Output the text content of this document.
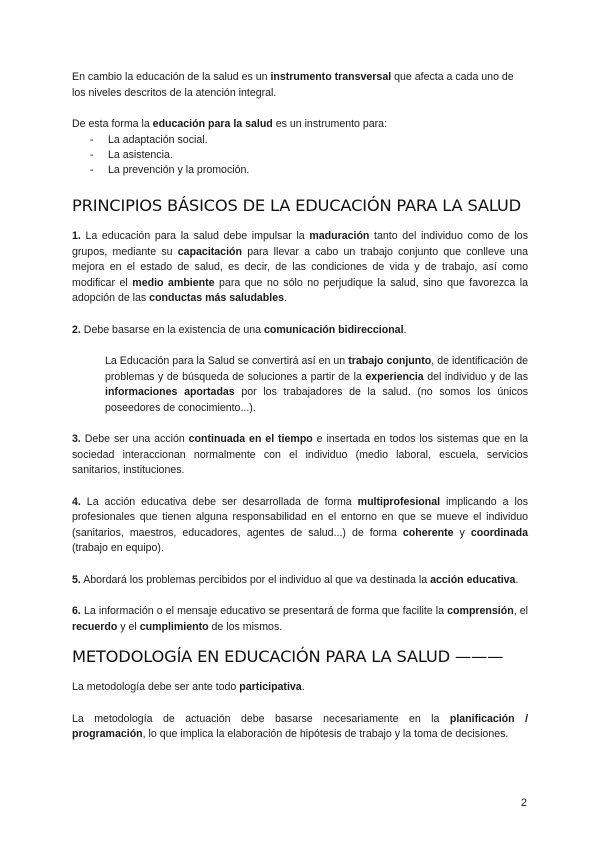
En cambio la educación de la salud es un instrumento transversal que afecta a cada uno de los niveles descritos de la atención integral.

De esta forma la educación para la salud es un instrumento para:

- La adaptación social.
- La asistencia.
- La prevención y la promoción.
PRINCIPIOS BÁSICOS DE LA EDUCACIÓN PARA LA SALUD

1. La educación para la salud debe impulsar la maduración tanto del individuo como de los grupos, mediante su capacitación para llevar a cabo un trabajo conjunto que conlleve una mejora en el estado de salud, es decir, de las condiciones de vida y de trabajo, así como modificar el medio ambiente para que no sólo no perjudique la salud, sino que favorezca la adopción de las conductas más saludables.

2. Debe basarse en la existencia de una comunicación bidireccional.

La Educación para la Salud se convertirá así en un trabajo conjunto, de identificación de problemas y de búsqueda de soluciones a partir de la experiencia del individuo y de las informaciones aportadas por los trabajadores de la salud. (no somos los únicos poseedores de conocimiento...).

3. Debe ser una acción continuada en el tiempo e insertada en todos los sistemas que en la sociedad interaccionan normalmente con el individuo (medio laboral, escuela, servicios sanitarios, instituciones.

4. La acción educativa debe ser desarrollada de forma multiprofesional implicando a los profesionales que tienen alguna responsabilidad en el entorno en que se mueve el individuo (sanitarios, maestros, educadores, agentes de salud...) de forma coherente y coordinada (trabajo en equipo).

5. Abordará los problemas percibidos por el individuo al que va destinada la acción educativa.

6. La información o el mensaje educativo se presentará de forma que facilite la comprensión, el recuerdo y el cumplimiento de los mismos.

METODOLOGÍA EN EDUCACIÓN PARA LA SALUD ———

La metodología debe ser ante todo participativa.

La metodología de actuación debe basarse necesariamente en la planificación / programación, lo que implica la elaboración de hipótesis de trabajo y la toma de decisiones.

2
